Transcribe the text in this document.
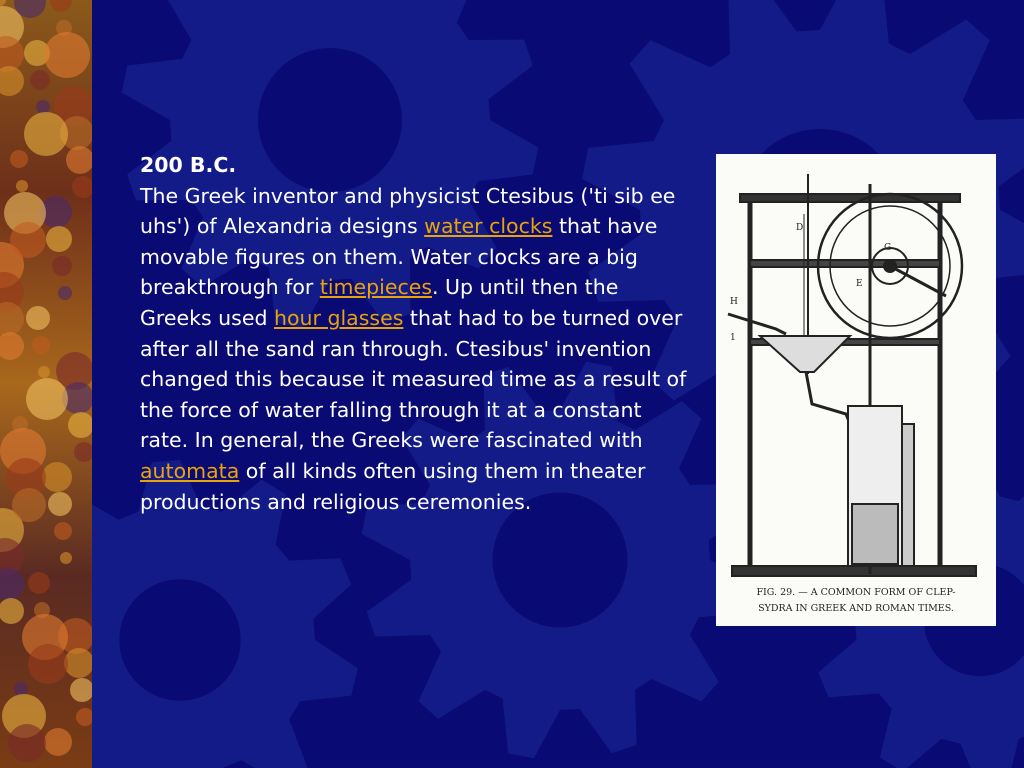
200 B.C.
The Greek inventor and physicist Ctesibus ('ti sib ee uhs') of Alexandria designs water clocks that have movable figures on them. Water clocks are a big breakthrough for timepieces. Up until then the Greeks used hour glasses that had to be turned over after all the sand ran through. Ctesibus' invention changed this because it measured time as a result of the force of water falling through it at a constant rate. In general, the Greeks were fascinated with automata of all kinds often using them in theater productions and religious ceremonies.
D
G
E
H
1
FIG. 29. — A COMMON FORM OF CLEP-
SYDRA IN GREEK AND ROMAN TIMES.
